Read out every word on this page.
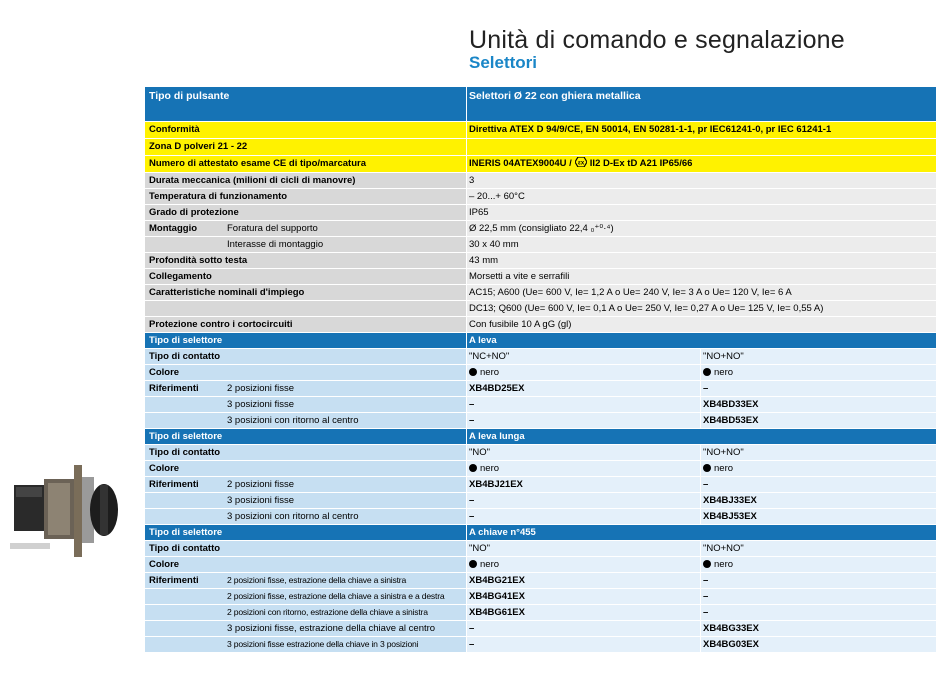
Unità di comando e segnalazione
Selettori
Tipo di pulsante	Selettori Ø 22 con ghiera metallica
Conformità	Direttiva ATEX D 94/9/CE, EN 50014, EN 50281-1-1, pr IEC61241-0, pr IEC 61241-1
Zona D polveri 21 - 22
Numero di attestato esame CE di tipo/marcatura	INERIS 04ATEX9004U / εx II2 D-Ex tD A21 IP65/66
Durata meccanica (milioni di cicli di manovre)	3
Temperatura di funzionamento	– 20...+ 60°C
Grado di protezione	IP65
Montaggio	Foratura del supporto	Ø 22,5 mm (consigliato 22,4 ₀⁺⁰·⁴)
Interasse di montaggio	30 x 40 mm
Profondità sotto testa	43 mm
Collegamento	Morsetti a vite e serrafili
Caratteristiche nominali d'impiego	AC15; A600 (Ue= 600 V, Ie= 1,2 A o Ue= 240 V, Ie= 3 A o Ue= 120 V, Ie= 6 A
DC13; Q600 (Ue= 600 V, Ie= 0,1 A o Ue= 250 V, Ie= 0,27 A o Ue= 125 V, Ie= 0,55 A)
Protezione contro i cortocircuiti	Con fusibile 10 A gG (gl)
Tipo di selettore	A leva
Tipo di contatto	"NC+NO"	"NO+NO"
Colore	nero	nero
Riferimenti	2 posizioni fisse	XB4BD25EX	–
3 posizioni fisse	–	XB4BD33EX
3 posizioni con ritorno al centro	–	XB4BD53EX
Tipo di selettore	A leva lunga
Tipo di contatto	"NO"	"NO+NO"
Colore	nero	nero
Riferimenti	2 posizioni fisse	XB4BJ21EX	–
3 posizioni fisse	–	XB4BJ33EX
3 posizioni con ritorno al centro	–	XB4BJ53EX
Tipo di selettore	A chiave n°455
Tipo di contatto	"NO"	"NO+NO"
Colore	nero	nero
Riferimenti	2 posizioni fisse, estrazione della chiave a sinistra	XB4BG21EX	–
2 posizioni fisse, estrazione della chiave a sinistra e a destra	XB4BG41EX	–
2 posizioni con ritorno, estrazione della chiave a sinistra	XB4BG61EX	–
3 posizioni fisse, estrazione della chiave al centro	–	XB4BG33EX
3 posizioni fisse estrazione della chiave in 3 posizioni	–	XB4BG03EX
